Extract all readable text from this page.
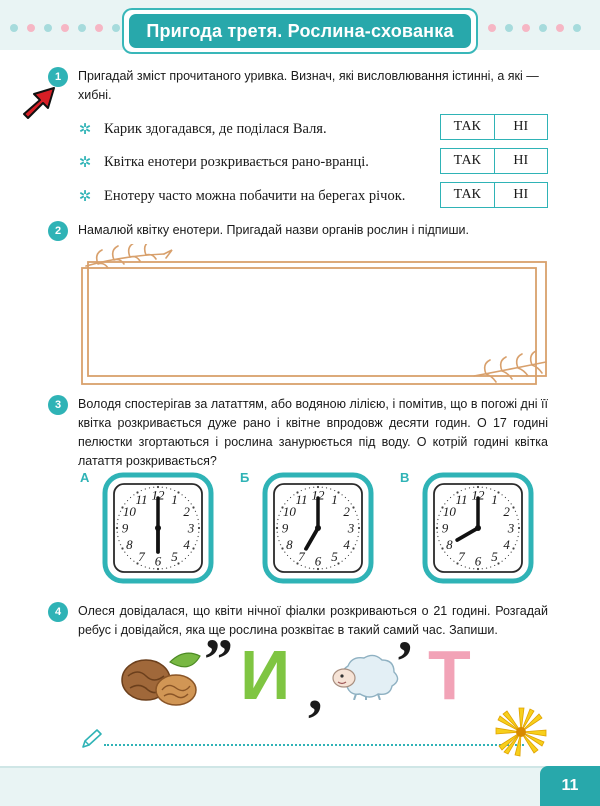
Пригода третя. Рослина-схованка
1	Пригадай зміст прочитаного уривка. Визнач, які висловлювання істинні, а які — хибні.
✲ Карик здогадався, де поділася Валя.	ТАК	НІ
✲ Квітка енотери розкривається рано-вранці.	ТАК	НІ
✲ Енотеру часто можна побачити на берегах річок.	ТАК	НІ
2	Намалюй квітку енотери. Пригадай назви органів рослин і підпиши.
3	Володя спостерігав за лататтям, або водяною лілією, і помітив, що в погожі дні її квітка розкривається дуже рано і квітне впродовж десяти годин. О 17 годині пелюстки згортаються і рослина занурюється під воду. О котрій годині квітка латаття розкривається?
А
12 1
2
3
4
5
6
7
8
9
10
11
Б
12 1
2
3
4
5
6
7
8
9
10
11
В
12 1
2
3
4
5
6
7
8
9
10
11
4	Олеся довідалася, що квіти нічної фіалки розкриваються о 21 годині. Розгадай ребус і довідайся, яка ще рослина розквітає в такий самий час. Запиши.
” И , ’ Т
11
